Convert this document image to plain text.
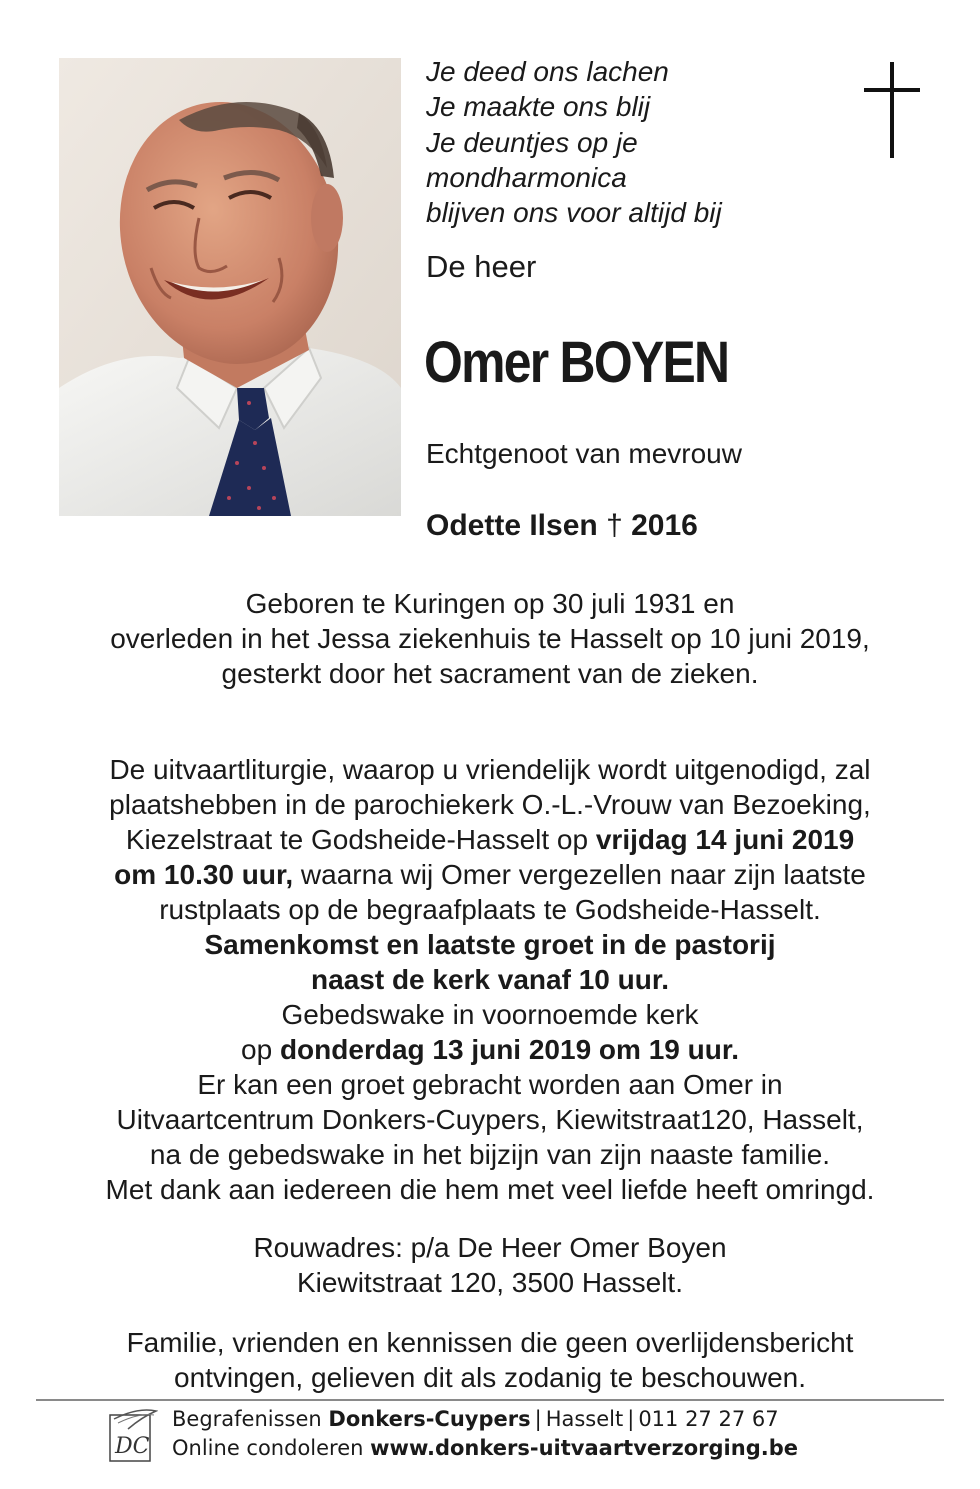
Je deed ons lachen
Je maakte ons blij
Je deuntjes op je
mondharmonica
blijven ons voor altijd bij
De heer
Omer BOYEN
Echtgenoot van mevrouw
Odette Ilsen † 2016
Geboren te Kuringen op 30 juli 1931 en
overleden in het Jessa ziekenhuis te Hasselt op 10 juni 2019,
gesterkt door het sacrament van de zieken.
De uitvaartliturgie, waarop u vriendelijk wordt uitgenodigd, zal
plaatshebben in de parochiekerk O.-L.-Vrouw van Bezoeking,
Kiezelstraat te Godsheide-Hasselt op vrijdag 14 juni 2019
om 10.30 uur, waarna wij Omer vergezellen naar zijn laatste
rustplaats op de begraafplaats te Godsheide-Hasselt.
Samenkomst en laatste groet in de pastorij
naast de kerk vanaf 10 uur.
Gebedswake in voornoemde kerk
op donderdag 13 juni 2019 om 19 uur.
Er kan een groet gebracht worden aan Omer in
Uitvaartcentrum Donkers-Cuypers, Kiewitstraat120, Hasselt,
na de gebedswake in het bijzijn van zijn naaste familie.
Met dank aan iedereen die hem met veel liefde heeft omringd.
Rouwadres: p/a De Heer Omer Boyen
Kiewitstraat 120, 3500 Hasselt.
Familie, vrienden en kennissen die geen overlijdensbericht
ontvingen, gelieven dit als zodanig te beschouwen.
DC
Begrafenissen Donkers-Cuypers | Hasselt | 011 27 27 67
Online condoleren www.donkers-uitvaartverzorging.be
